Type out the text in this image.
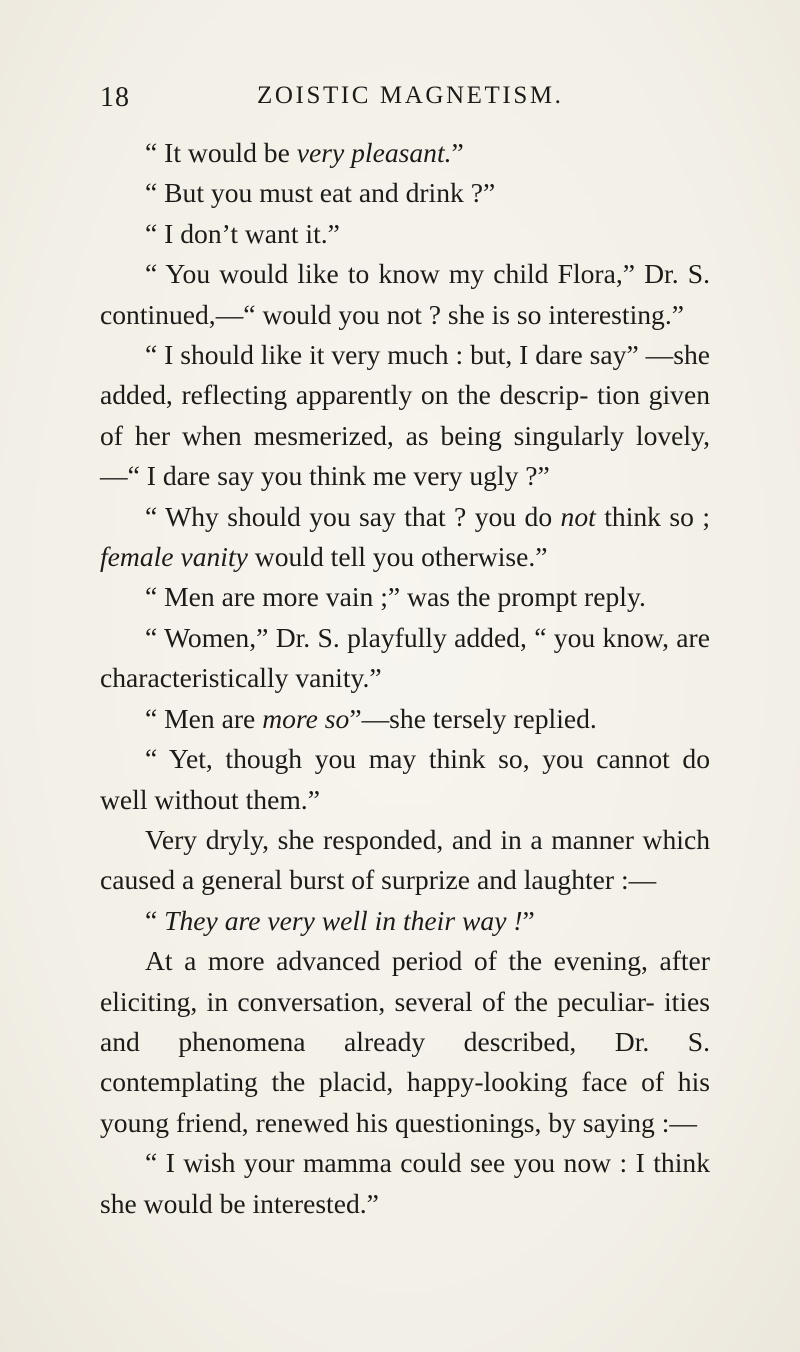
18	ZOISTIC MAGNETISM.

“ It would be very pleasant.”

“ But you must eat and drink ?”

“ I don’t want it.”

“ You would like to know my child Flora,” Dr. S. continued,—“ would you not ? she is so interesting.”

“ I should like it very much : but, I dare say” —she added, reflecting apparently on the descrip- tion given of her when mesmerized, as being singularly lovely,—“ I dare say you think me very ugly ?”

“ Why should you say that ? you do not think so ; female vanity would tell you otherwise.”

“ Men are more vain ;” was the prompt reply.

“ Women,” Dr. S. playfully added, “ you know, are characteristically vanity.”

“ Men are more so”—she tersely replied.

“ Yet, though you may think so, you cannot do well without them.”

Very dryly, she responded, and in a manner which caused a general burst of surprize and laughter :—

“ They are very well in their way !”

At a more advanced period of the evening, after eliciting, in conversation, several of the peculiar- ities and phenomena already described, Dr. S. contemplating the placid, happy-looking face of his young friend, renewed his questionings, by saying :—

“ I wish your mamma could see you now : I think she would be interested.”
